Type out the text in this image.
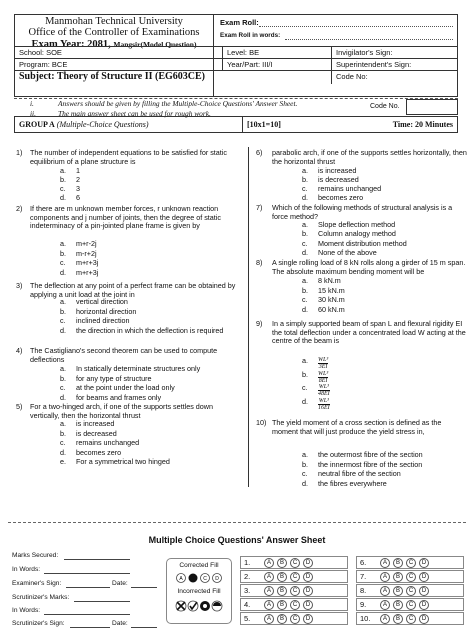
Manmohan Technical University
Office of the Controller of Examinations
Exam Year: 2081, Mangsir(Model Question)
Exam Roll:
Exam Roll in words:
School: SOE	Level: BE	Invigilator's Sign:
Program: BCE	Year/Part: III/I	Superintendent's Sign:
Subject: Theory of Structure II (EG603CE)	Code No:
i.	Answers should be given by filling the Multiple-Choice Questions' Answer Sheet.
ii.	The main answer sheet can be used for rough work.
Code No.
GROUP A (Multiple-Choice Questions)	[10x1=10]	Time: 20 Minutes
1) The number of independent equations to be satisfied for static equilibrium of a plane structure is
a. 1
b. 2
c. 3
d. 6
2) If there are m unknown member forces, r unknown reaction components and j number of joints, then the degree of static indeterminacy of a pin-jointed plane frame is given by
a. m+r-2j
b. m-r+2j
c. m+r+3j
d. m+r+3j
3) The deflection at any point of a perfect frame can be obtained by applying a unit load at the joint in
a. vertical direction
b. horizontal direction
c. inclined direction
d. the direction in which the deflection is required
4) The Castigliano's second theorem can be used to compute deflections
a. In statically determinate structures only
b. for any type of structure
c. at the point under the load only
d. for beams and frames only
5) For a two-hinged arch, if one of the supports settles down vertically, then the horizontal thrust
a. is increased
b. is decreased
c. remains unchanged
d. becomes zero
e. For a symmetrical two hinged
6) parabolic arch, if one of the supports settles horizontally, then the horizontal thrust
a. is increased
b. is decreased
c. remains unchanged
d. becomes zero
7) Which of the following methods of structural analysis is a force method?
a. Slope deflection method
b. Column analogy method
c. Moment distribution method
d. None of the above
8) A single rolling load of 8 kN rolls along a girder of 15 m span. The absolute maximum bending moment will be
a. 8 kN.m
b. 15 kN.m
c. 30 kN.m
d. 60 kN.m
9) In a simply supported beam of span L and flexural rigidity EI the total deflection under a concentrated load W acting at the centre of the beam is
a. $\frac{\text{WL³}}{3EI}$
b. $\frac{\text{WL³}}{8EI}$
c. $\frac{\text{WL³}}{48EI}$
d. $\frac{\text{WL³}}{16EI}$
10) The yield moment of a cross section is defined as the moment that will just produce the yield stress in,
a. the outermost fibre of the section
b. the innermost fibre of the section
c. neutral fibre of the section
d. the fibres everywhere
Multiple Choice Questions' Answer Sheet
Marks Secured:
In Words:
Examiner's Sign:	Date:
Scrutinizer's Marks:
In Words:
Scrutinizer's Sign:	Date:
Corrected Fill
A	C D
Incorrected Fill
1.	A B C D
2.	A B C D
3.	A B C D
4.	A B C D
5.	A B C D
6.	A B C D
7.	A B C D
8.	A B C D
9.	A B C D
10. A B C D
